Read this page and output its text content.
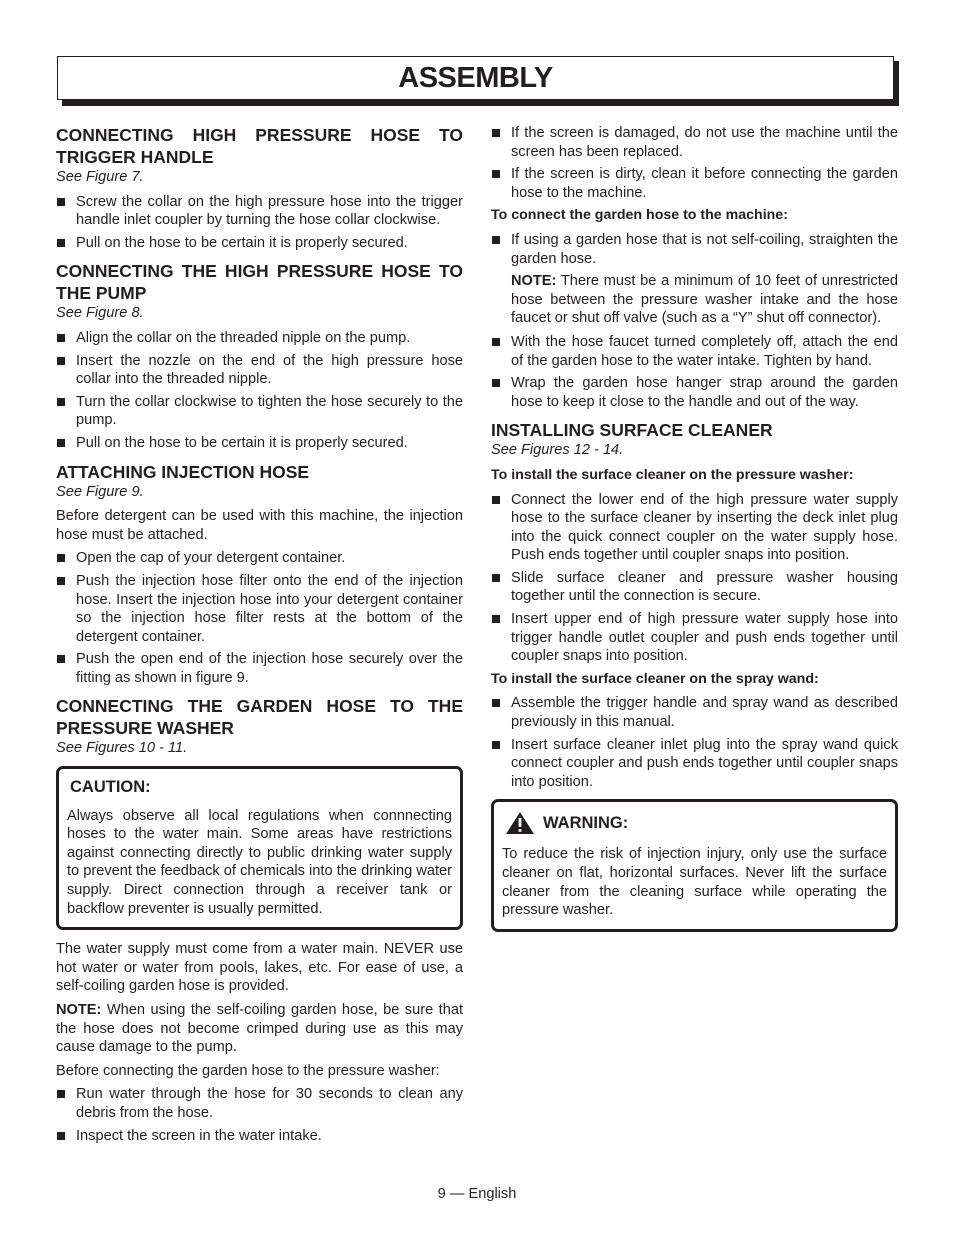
ASSEMBLY
CONNECTING HIGH PRESSURE HOSE TO TRIGGER HANDLE
See Figure 7.
Screw the collar on the high pressure hose into the trigger handle inlet coupler by turning the hose collar clockwise.
Pull on the hose to be certain it is properly secured.
CONNECTING THE HIGH PRESSURE HOSE TO THE PUMP
See Figure 8.
Align the collar on the threaded nipple on the pump.
Insert the nozzle on the end of the high pressure hose collar into the threaded nipple.
Turn the collar clockwise to tighten the hose securely to the pump.
Pull on the hose to be certain it is properly secured.
ATTACHING INJECTION HOSE
See Figure 9.

Before detergent can be used with this machine, the injection hose must be attached.

Open the cap of your detergent container.
Push the injection hose filter onto the end of the injection hose. Insert the injection hose into your detergent container so the injection hose filter rests at the bottom of the detergent container.
Push the open end of the injection hose securely over the fitting as shown in figure 9.
CONNECTING THE GARDEN HOSE TO THE PRESSURE WASHER
See Figures 10 - 11.
CAUTION:

Always observe all local regulations when connnecting hoses to the water main. Some areas have restrictions against connecting directly to public drinking water supply to prevent the feedback of chemicals into the drinking water supply. Direct connection through a receiver tank or backflow preventer is usually permitted.

The water supply must come from a water main. NEVER use hot water or water from pools, lakes, etc. For ease of use, a self-coiling garden hose is provided.

NOTE: When using the self-coiling garden hose, be sure that the hose does not become crimped during use as this may cause damage to the pump.

Before connecting the garden hose to the pressure washer:

Run water through the hose for 30 seconds to clean any debris from the hose.
Inspect the screen in the water intake.
If the screen is damaged, do not use the machine until the screen has been replaced.
If the screen is dirty, clean it before connecting the garden hose to the machine.
To connect the garden hose to the machine:
If using a garden hose that is not self-coiling, straighten the garden hose.
NOTE: There must be a minimum of 10 feet of unrestricted hose between the pressure washer intake and the hose faucet or shut off valve (such as a “Y” shut off connector).
With the hose faucet turned completely off, attach the end of the garden hose to the water intake. Tighten by hand.
Wrap the garden hose hanger strap around the garden hose to keep it close to the handle and out of the way.
INSTALLING SURFACE CLEANER
See Figures 12 - 14.
To install the surface cleaner on the pressure washer:
Connect the lower end of the high pressure water supply hose to the surface cleaner by inserting the deck inlet plug into the quick connect coupler on the water supply hose. Push ends together until coupler snaps into position.
Slide surface cleaner and pressure washer housing together until the connection is secure.
Insert upper end of high pressure water supply hose into trigger handle outlet coupler and push ends together until coupler snaps into position.
To install the surface cleaner on the spray wand:
Assemble the trigger handle and spray wand as described previously in this manual.
Insert surface cleaner inlet plug into the spray wand quick connect coupler and push ends together until coupler snaps into position.
WARNING:

To reduce the risk of injection injury, only use the surface cleaner on flat, horizontal surfaces. Never lift the surface cleaner from the cleaning surface while operating the pressure washer.

9 — English
